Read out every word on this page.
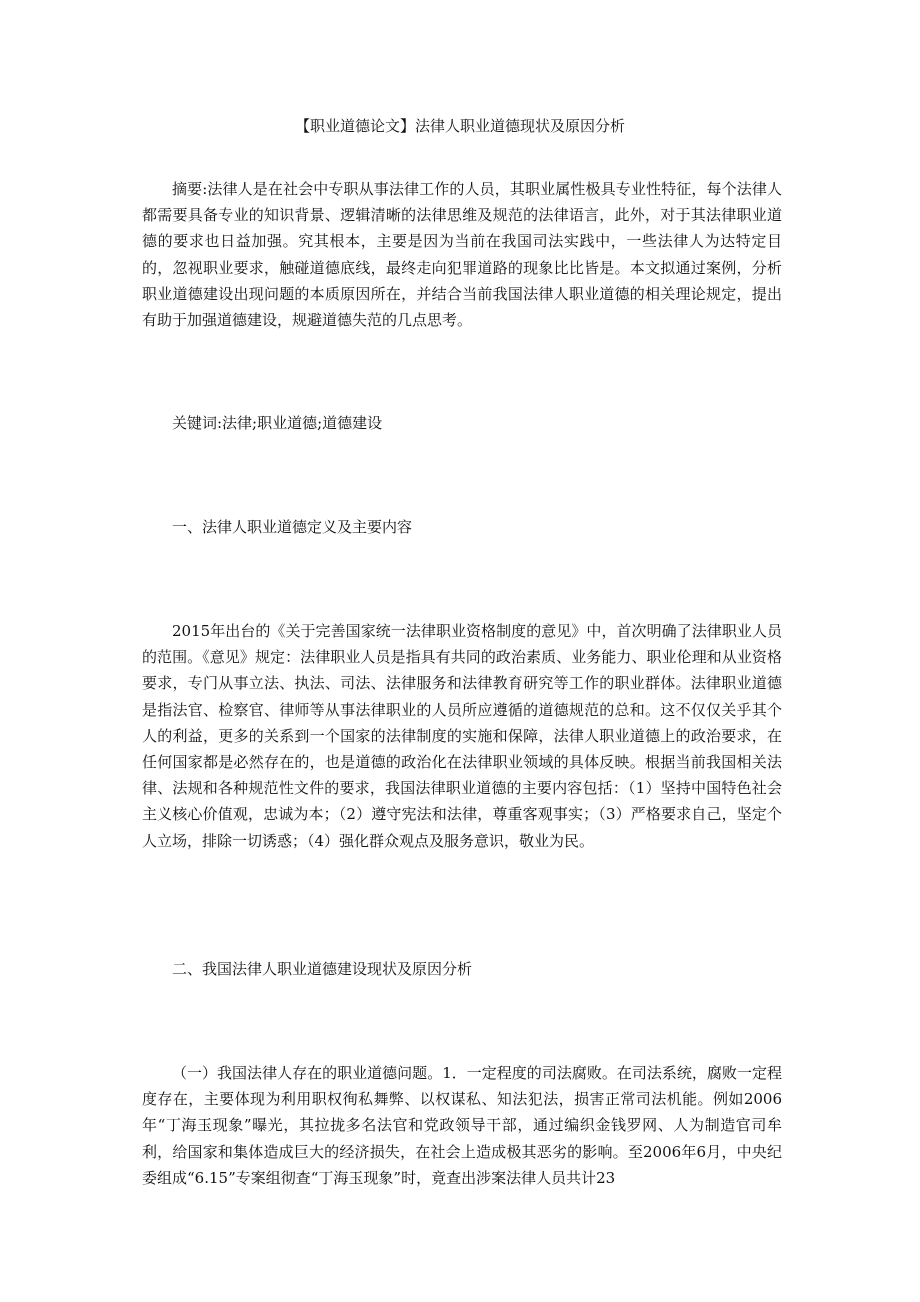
【职业道德论文】法律人职业道德现状及原因分析

摘要:法律人是在社会中专职从事法律工作的人员，其职业属性极具专业性特征，每个法律人都需要具备专业的知识背景、逻辑清晰的法律思维及规范的法律语言，此外，对于其法律职业道德的要求也日益加强。究其根本，主要是因为当前在我国司法实践中，一些法律人为达特定目的，忽视职业要求，触碰道德底线，最终走向犯罪道路的现象比比皆是。本文拟通过案例，分析职业道德建设出现问题的本质原因所在，并结合当前我国法律人职业道德的相关理论规定，提出有助于加强道德建设，规避道德失范的几点思考。

关键词:法律;职业道德;道德建设

一、法律人职业道德定义及主要内容

2015年出台的《关于完善国家统一法律职业资格制度的意见》中，首次明确了法律职业人员的范围。《意见》规定：法律职业人员是指具有共同的政治素质、业务能力、职业伦理和从业资格要求，专门从事立法、执法、司法、法律服务和法律教育研究等工作的职业群体。法律职业道德是指法官、检察官、律师等从事法律职业的人员所应遵循的道德规范的总和。这不仅仅关乎其个人的利益，更多的关系到一个国家的法律制度的实施和保障，法律人职业道德上的政治要求，在任何国家都是必然存在的，也是道德的政治化在法律职业领域的具体反映。根据当前我国相关法律、法规和各种规范性文件的要求，我国法律职业道德的主要内容包括：（1）坚持中国特色社会主义核心价值观，忠诚为本；（2）遵守宪法和法律，尊重客观事实；（3）严格要求自己，坚定个人立场，排除一切诱惑；（4）强化群众观点及服务意识，敬业为民。

二、我国法律人职业道德建设现状及原因分析

（一）我国法律人存在的职业道德问题。1．一定程度的司法腐败。在司法系统，腐败一定程度存在，主要体现为利用职权徇私舞弊、以权谋私、知法犯法，损害正常司法机能。例如2006年“丁海玉现象”曝光，其拉拢多名法官和党政领导干部，通过编织金钱罗网、人为制造官司牟利，给国家和集体造成巨大的经济损失，在社会上造成极其恶劣的影响。至2006年6月，中央纪委组成“6.15”专案组彻查“丁海玉现象”时，竟查出涉案法律人员共计23
